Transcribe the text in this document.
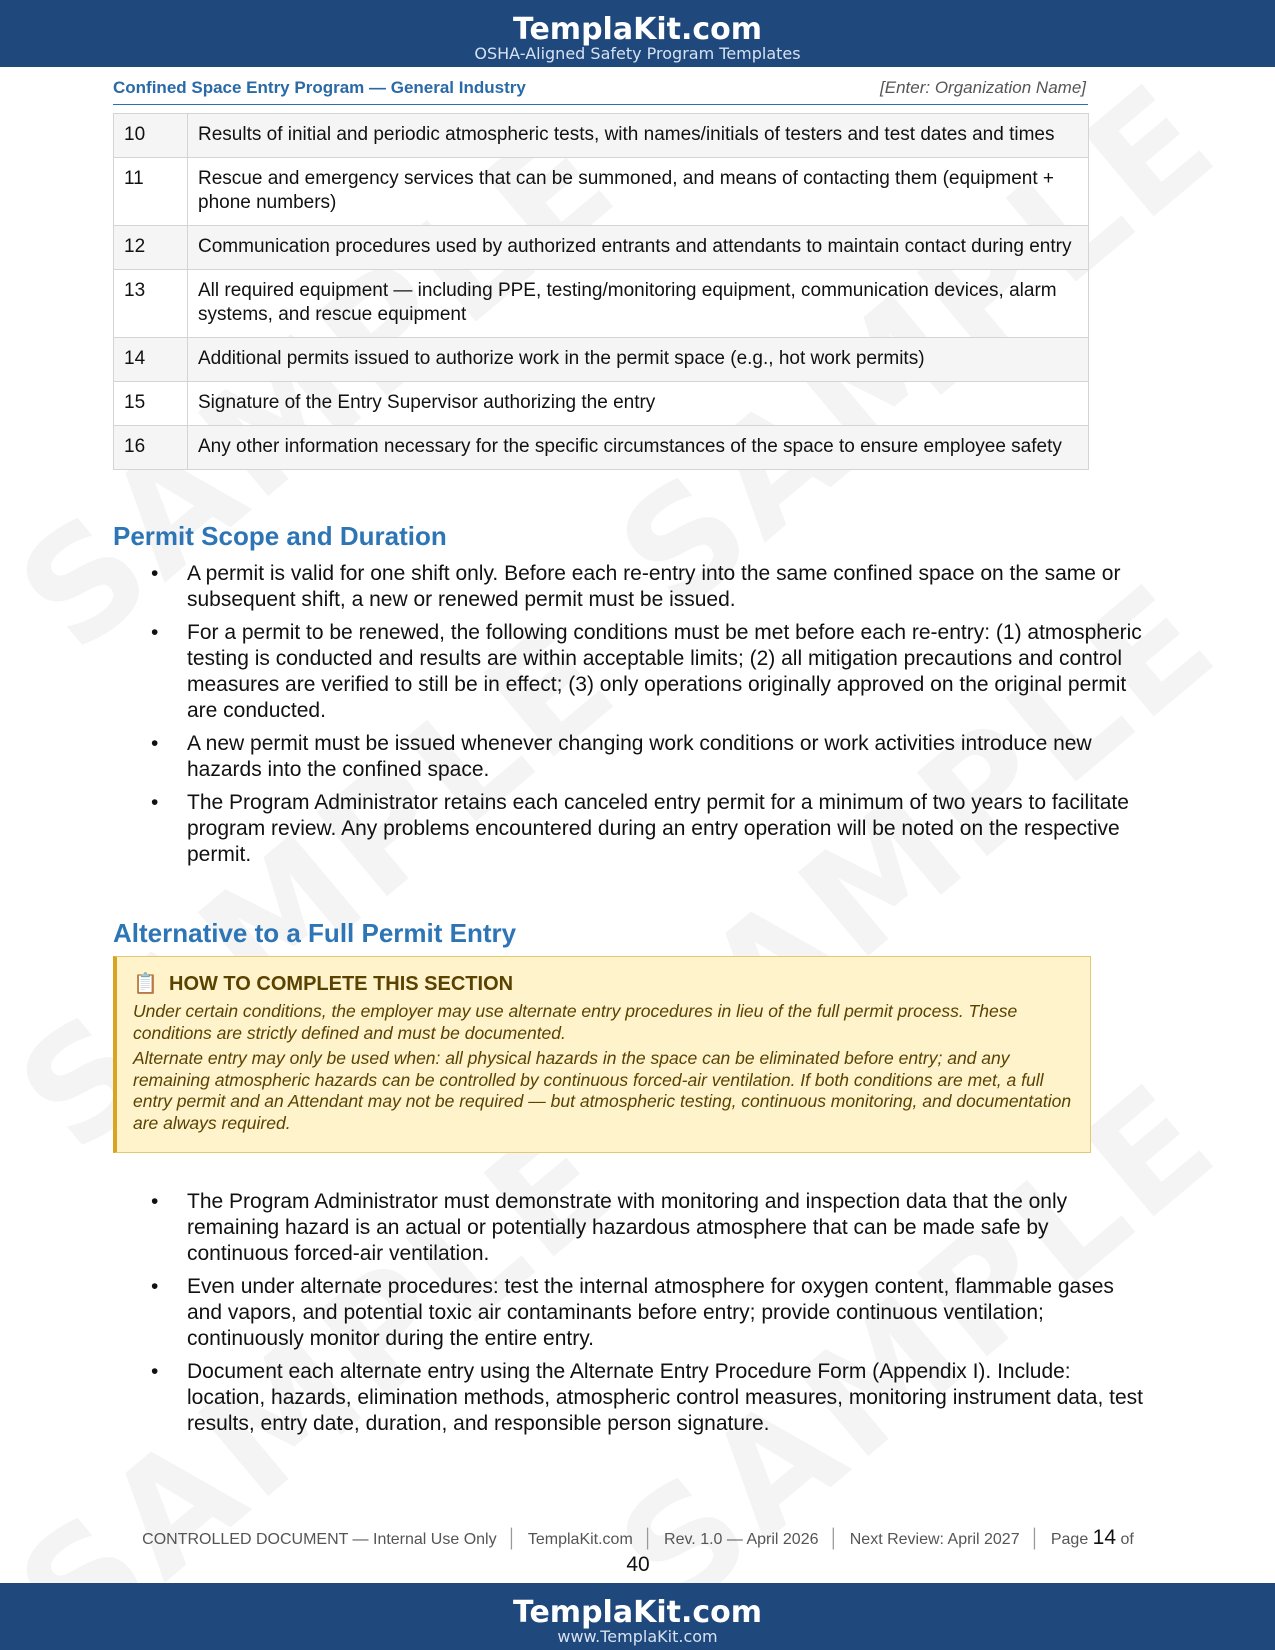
TemplaKit.com
OSHA-Aligned Safety Program Templates
Confined Space Entry Program — General Industry	[Enter: Organization Name]
10	Results of initial and periodic atmospheric tests, with names/initials of testers and test dates and times
11	Rescue and emergency services that can be summoned, and means of contacting them (equipment + phone numbers)
12	Communication procedures used by authorized entrants and attendants to maintain contact during entry
13	All required equipment — including PPE, testing/monitoring equipment, communication devices, alarm systems, and rescue equipment
14	Additional permits issued to authorize work in the permit space (e.g., hot work permits)
15	Signature of the Entry Supervisor authorizing the entry
16	Any other information necessary for the specific circumstances of the space to ensure employee safety
Permit Scope and Duration
• A permit is valid for one shift only. Before each re-entry into the same confined space on the same or subsequent shift, a new or renewed permit must be issued.
• For a permit to be renewed, the following conditions must be met before each re-entry: (1) atmospheric testing is conducted and results are within acceptable limits; (2) all mitigation precautions and control measures are verified to still be in effect; (3) only operations originally approved on the original permit are conducted.
• A new permit must be issued whenever changing work conditions or work activities introduce new hazards into the confined space.
• The Program Administrator retains each canceled entry permit for a minimum of two years to facilitate program review. Any problems encountered during an entry operation will be noted on the respective permit.
Alternative to a Full Permit Entry
📋 HOW TO COMPLETE THIS SECTION

Under certain conditions, the employer may use alternate entry procedures in lieu of the full permit process. These conditions are strictly defined and must be documented.

Alternate entry may only be used when: all physical hazards in the space can be eliminated before entry; and any remaining atmospheric hazards can be controlled by continuous forced-air ventilation. If both conditions are met, a full entry permit and an Attendant may not be required — but atmospheric testing, continuous monitoring, and documentation are always required.

• The Program Administrator must demonstrate with monitoring and inspection data that the only remaining hazard is an actual or potentially hazardous atmosphere that can be made safe by continuous forced-air ventilation.
• Even under alternate procedures: test the internal atmosphere for oxygen content, flammable gases and vapors, and potential toxic air contaminants before entry; provide continuous ventilation; continuously monitor during the entire entry.
• Document each alternate entry using the Alternate Entry Procedure Form (Appendix I). Include: location, hazards, elimination methods, atmospheric control measures, monitoring instrument data, test results, entry date, duration, and responsible person signature.
CONTROLLED DOCUMENT — Internal Use Only │ TemplaKit.com │ Rev. 1.0 — April 2026 │ Next Review: April 2027 │ Page 14 of
40
TemplaKit.com
www.TemplaKit.com
